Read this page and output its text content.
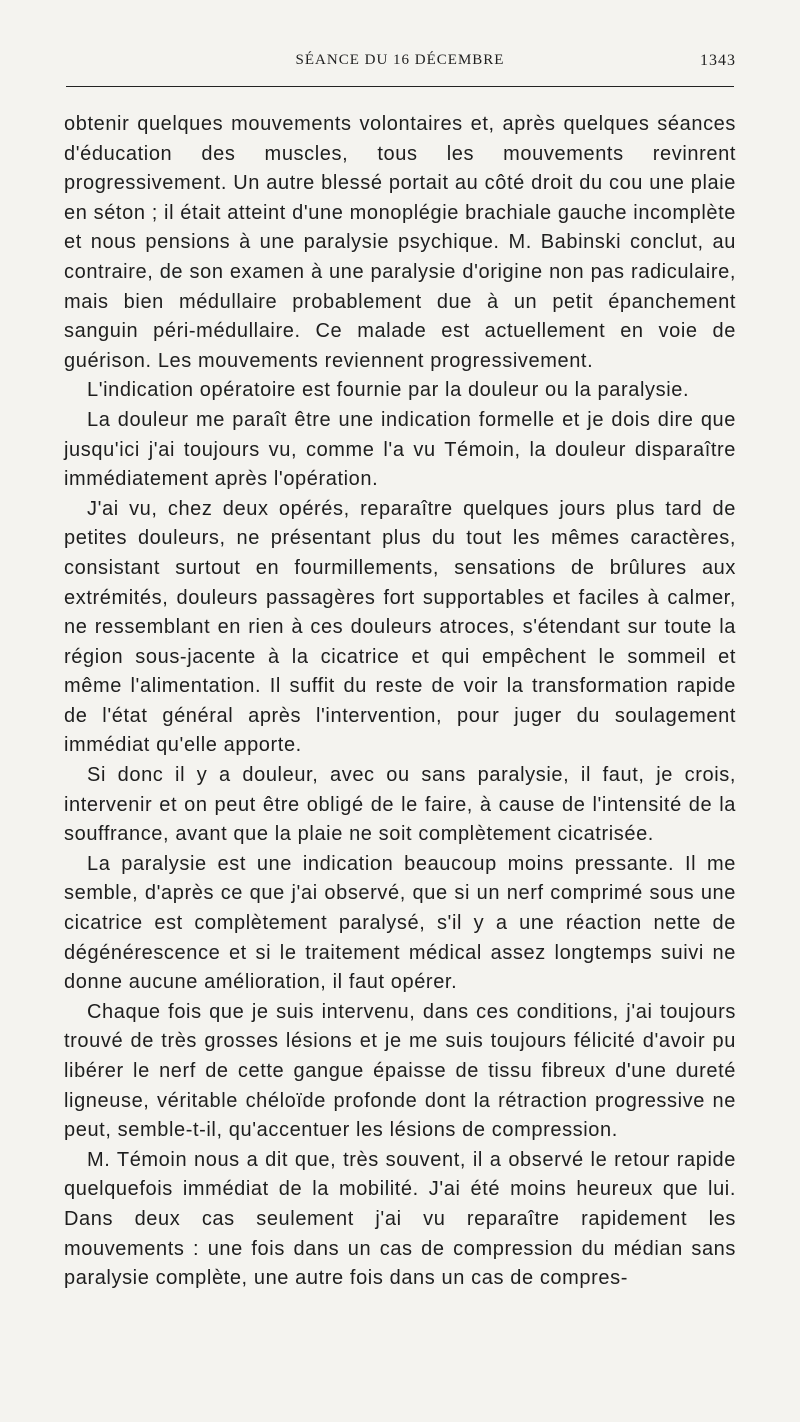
SÉANCE DU 16 DÉCEMBRE	1343

obtenir quelques mouvements volontaires et, après quelques séances d'éducation des muscles, tous les mouvements revinrent progressivement. Un autre blessé portait au côté droit du cou une plaie en séton ; il était atteint d'une monoplégie brachiale gauche incomplète et nous pensions à une paralysie psychique. M. Babinski conclut, au contraire, de son examen à une paralysie d'origine non pas radiculaire, mais bien médullaire probablement due à un petit épanchement sanguin péri-médullaire. Ce malade est actuellement en voie de guérison. Les mouvements reviennent progressivement.

L'indication opératoire est fournie par la douleur ou la paralysie.

La douleur me paraît être une indication formelle et je dois dire que jusqu'ici j'ai toujours vu, comme l'a vu Témoin, la douleur disparaître immédiatement après l'opération.

J'ai vu, chez deux opérés, reparaître quelques jours plus tard de petites douleurs, ne présentant plus du tout les mêmes caractères, consistant surtout en fourmillements, sensations de brûlures aux extrémités, douleurs passagères fort supportables et faciles à calmer, ne ressemblant en rien à ces douleurs atroces, s'étendant sur toute la région sous-jacente à la cicatrice et qui empêchent le sommeil et même l'alimentation. Il suffit du reste de voir la transformation rapide de l'état général après l'intervention, pour juger du soulagement immédiat qu'elle apporte.

Si donc il y a douleur, avec ou sans paralysie, il faut, je crois, intervenir et on peut être obligé de le faire, à cause de l'intensité de la souffrance, avant que la plaie ne soit complètement cicatrisée.

La paralysie est une indication beaucoup moins pressante. Il me semble, d'après ce que j'ai observé, que si un nerf comprimé sous une cicatrice est complètement paralysé, s'il y a une réaction nette de dégénérescence et si le traitement médical assez longtemps suivi ne donne aucune amélioration, il faut opérer.

Chaque fois que je suis intervenu, dans ces conditions, j'ai toujours trouvé de très grosses lésions et je me suis toujours félicité d'avoir pu libérer le nerf de cette gangue épaisse de tissu fibreux d'une dureté ligneuse, véritable chéloïde profonde dont la rétraction progressive ne peut, semble-t-il, qu'accentuer les lésions de compression.

M. Témoin nous a dit que, très souvent, il a observé le retour rapide quelquefois immédiat de la mobilité. J'ai été moins heureux que lui. Dans deux cas seulement j'ai vu reparaître rapidement les mouvements : une fois dans un cas de compression du médian sans paralysie complète, une autre fois dans un cas de compres-
